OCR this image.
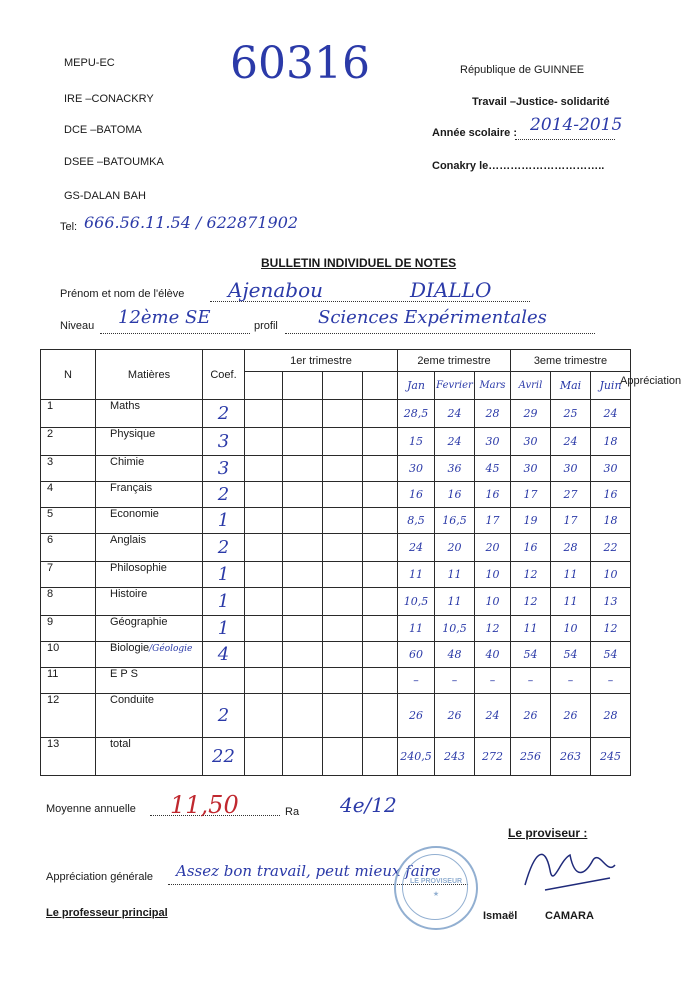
MEPU-EC
IRE –CONACKRY
DCE –BATOMA
DSEE –BATOUMKA
GS-DALAN BAH
Tel: 666.56.11.54 / 622871902
60316	République de GUINNEE
Travail –Justice- solidarité
Année scolaire : 2014-2015
Conakry le…………………………..
BULLETIN INDIVIDUEL DE NOTES
Prénom et nom de l'élève Ajenabou	DIALLO
Niveau 12ème SE	profil Sciences Expérimentales
N	Matières	Coef.	1er trimestre				2eme trimestre			3eme trimestre		
							Jan	Fevrier	Mars	Avril	Mai	Juin
1	Maths	2					28,5	24	28	29	25	24
2	Physique	3					15	24	30	30	24	18
3	Chimie	3					30	36	45	30	30	30
4	Français	2					16	16	16	17	27	16
5	Economie	1					8,5	16,5	17	19	17	18
6	Anglais	2					24	20	20	16	28	22
7	Philosophie	1					11	11	10	12	11	10
8	Histoire	1					10,5	11	10	12	11	13
9	Géographie	1					11	10,5	12	11	10	12
10	Biologie/Géologie	4					60	48	40	54	54	54
11	E P S						–	–	–	–	–	–
12	Conduite	2					26	26	24	26	26	28
13	total	22					240,5	243	272	256	263	245
Appréciation
Moyenne annuelle 11,50	Ra 4e/12
Le proviseur :
Appréciation générale Assez bon travail, peut mieux faire
Le professeur principal
LE PROVISEUR
★
Ismaël	CAMARA
